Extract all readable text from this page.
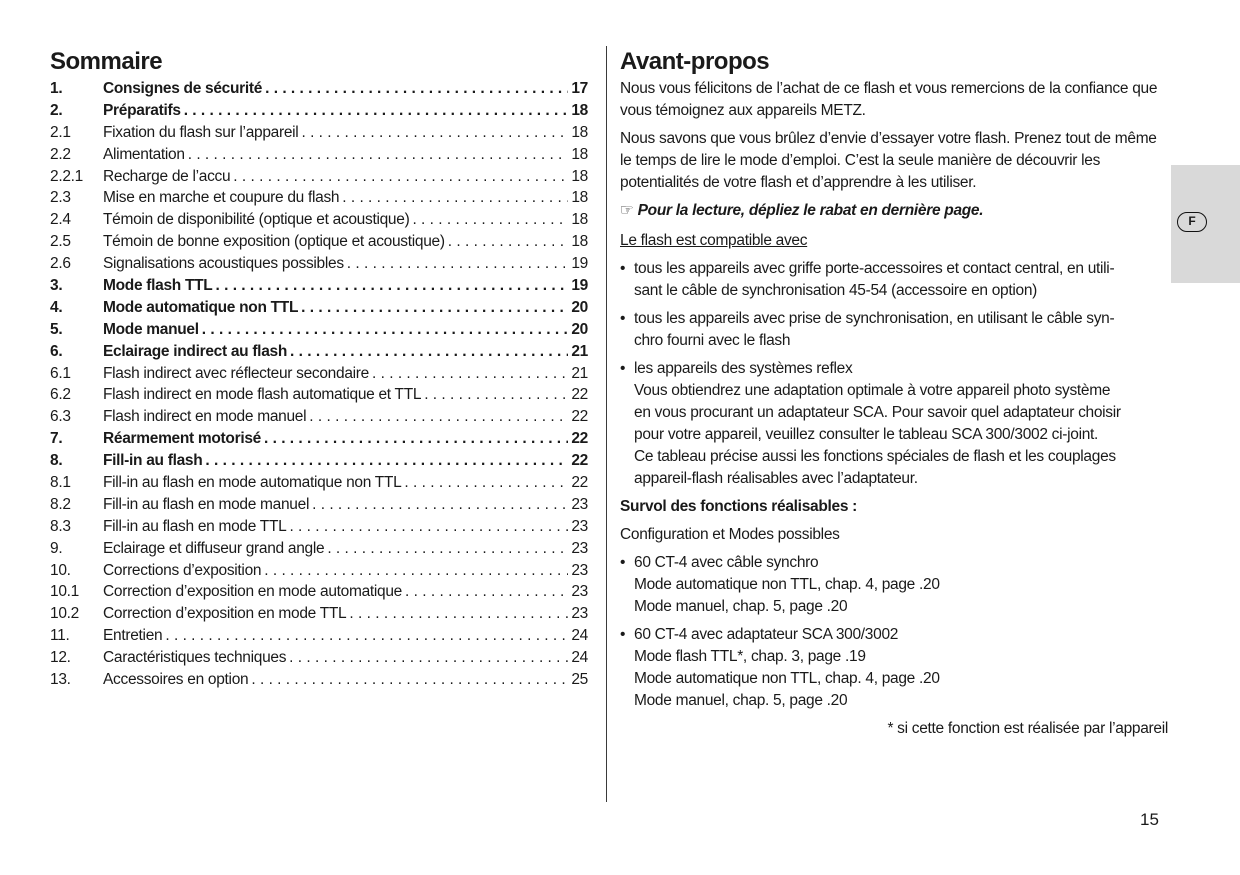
Sommaire
1.	Consignes de sécurité . . .	17
2.	Préparatifs . . .	18
2.1	Fixation du flash sur l’appareil . . .	18
2.2	Alimentation . . .	18
2.2.1	Recharge de l’accu . . .	18
2.3	Mise en marche et coupure du flash . . .	18
2.4	Témoin de disponibilité (optique et acoustique) . . .	18
2.5	Témoin de bonne exposition (optique et acoustique) . . .	18
2.6	Signalisations acoustiques possibles . . .	19
3.	Mode flash TTL . . .	19
4.	Mode automatique non TTL . . .	20
5.	Mode manuel . . .	20
6.	Eclairage indirect au flash . . .	21
6.1	Flash indirect avec réflecteur secondaire . . .	21
6.2	Flash indirect en mode flash automatique et TTL . . .	22
6.3	Flash indirect en mode manuel . . .	22
7.	Réarmement motorisé . . .	22
8.	Fill-in au flash . . .	22
8.1	Fill-in au flash en mode automatique non TTL . . .	22
8.2	Fill-in au flash en mode manuel . . .	23
8.3	Fill-in au flash en mode TTL . . .	23
9.	Eclairage et diffuseur grand angle . . .	23
10.	Corrections d’exposition . . .	23
10.1	Correction d’exposition en mode automatique . . .	23
10.2	Correction d’exposition en mode TTL . . .	23
11.	Entretien . . .	24
12.	Caractéristiques techniques . . .	24
13.	Accessoires en option . . .	25
Avant-propos

Nous vous félicitons de l’achat de ce flash et vous remercions de la confiance que vous témoignez aux appareils METZ.

Nous savons que vous brûlez d’envie d’essayer votre flash. Prenez tout de même le temps de lire le mode d’emploi. C’est la seule manière de découvrir les potentialités de votre flash et d’apprendre à les utiliser.

☞ Pour la lecture, dépliez le rabat en dernière page.

Le flash est compatible avec

• tous les appareils avec griffe porte-accessoires et contact central, en utili-
sant le câble de synchronisation 45-54 (accessoire en option)
• tous les appareils avec prise de synchronisation, en utilisant le câble syn-
chro fourni avec le flash
• les appareils des systèmes reflex
Vous obtiendrez une adaptation optimale à votre appareil photo système
en vous procurant un adaptateur SCA. Pour savoir quel adaptateur choisir
pour votre appareil, veuillez consulter le tableau SCA 300/3002 ci-joint.
Ce tableau précise aussi les fonctions spéciales de flash et les couplages
appareil-flash réalisables avec l’adaptateur.

Survol des fonctions réalisables :

Configuration et Modes possibles

• 60 CT-4 avec câble synchro
Mode automatique non TTL, chap. 4, page .20
Mode manuel, chap. 5, page .20
• 60 CT-4 avec adaptateur SCA 300/3002
Mode flash TTL*, chap. 3, page .19
Mode automatique non TTL, chap. 4, page .20
Mode manuel, chap. 5, page .20

* si cette fonction est réalisée par l’appareil

F
15
